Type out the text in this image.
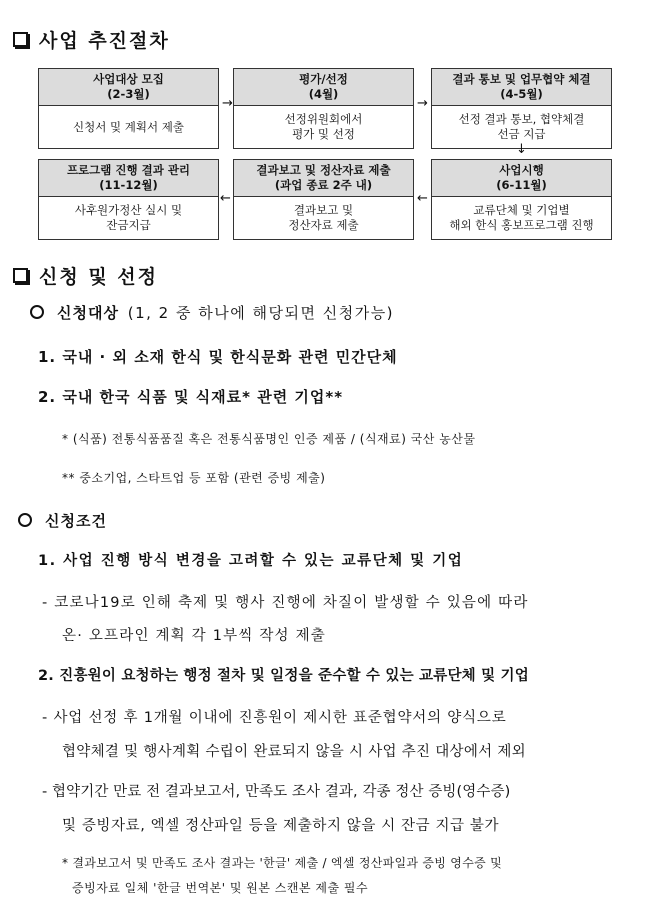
사업 추진절차
사업대상 모집
(2-3월)
신청서 및 계획서 제출
→
평가/선정
(4월)
선정위원회에서
평가 및 선정
→
결과 통보 및 업무협약 체결
(4-5월)
선정 결과 통보, 협약체결
선금 지급
↓
사업시행
(6-11월)
교류단체 및 기업별
해외 한식 홍보프로그램 진행
←
결과보고 및 정산자료 제출
(과업 종료 2주 내)
결과보고 및
정산자료 제출
←
프로그램 진행 결과 관리
(11-12월)
사후원가정산 실시 및
잔금지급
신청 및 선정
신청대상 (1, 2 중 하나에 해당되면 신청가능)
1. 국내 · 외 소재 한식 및 한식문화 관련 민간단체
2. 국내 한국 식품 및 식재료* 관련 기업**
* (식품) 전통식품품질 혹은 전통식품명인 인증 제품 / (식재료) 국산 농산물
** 중소기업, 스타트업 등 포함 (관련 증빙 제출)
신청조건
1. 사업 진행 방식 변경을 고려할 수 있는 교류단체 및 기업
- 코로나19로 인해 축제 및 행사 진행에 차질이 발생할 수 있음에 따라
온· 오프라인 계획 각 1부씩 작성 제출
2. 진흥원이 요청하는 행정 절차 및 일정을 준수할 수 있는 교류단체 및 기업
- 사업 선정 후 1개월 이내에 진흥원이 제시한 표준협약서의 양식으로
협약체결 및 행사계획 수립이 완료되지 않을 시 사업 추진 대상에서 제외
- 협약기간 만료 전 결과보고서, 만족도 조사 결과, 각종 정산 증빙(영수증)
및 증빙자료, 엑셀 정산파일 등을 제출하지 않을 시 잔금 지급 불가
* 결과보고서 및 만족도 조사 결과는 '한글' 제출 / 엑셀 정산파일과 증빙 영수증 및
증빙자료 일체 '한글 번역본' 및 원본 스캔본 제출 필수
